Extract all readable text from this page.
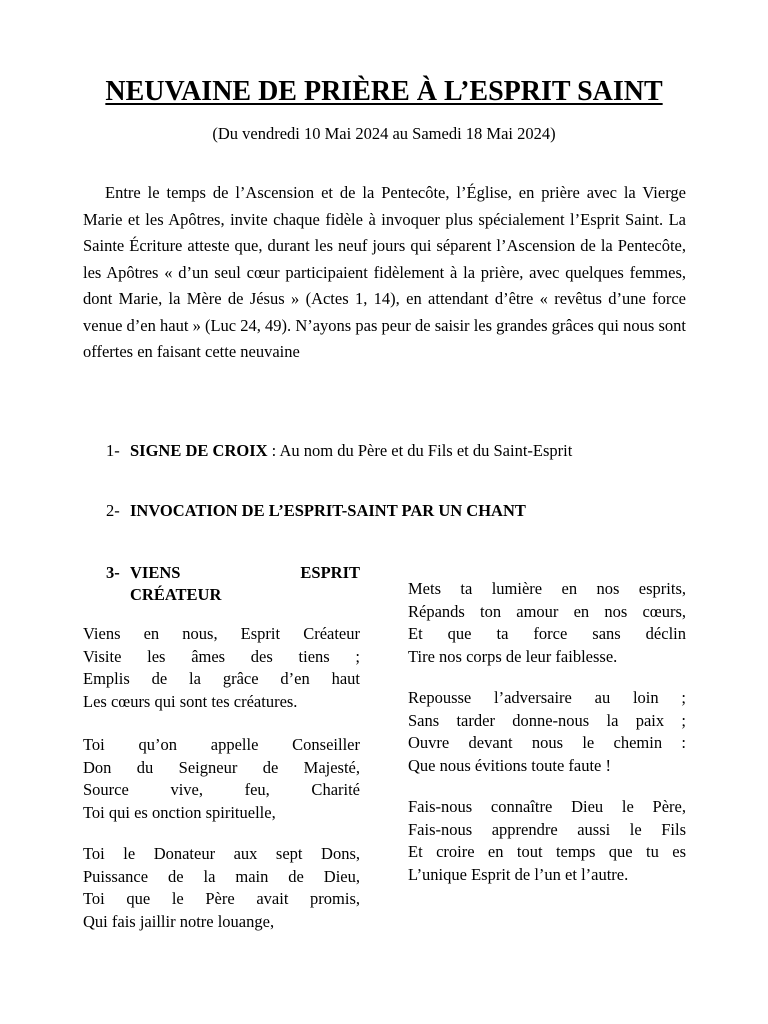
NEUVAINE DE PRIÈRE À L’ESPRIT SAINT

(Du vendredi 10 Mai 2024 au Samedi 18 Mai 2024)

Entre le temps de l’Ascension et de la Pentecôte, l’Église, en prière avec la Vierge Marie et les Apôtres, invite chaque fidèle à invoquer plus spécialement l’Esprit Saint. La Sainte Écriture atteste que, durant les neuf jours qui séparent l’Ascension de la Pentecôte, les Apôtres « d’un seul cœur participaient fidèlement à la prière, avec quelques femmes, dont Marie, la Mère de Jésus » (Actes 1, 14), en attendant d’être « revêtus d’une force venue d’en haut » (Luc 24, 49). N’ayons pas peur de saisir les grandes grâces qui nous sont offertes en faisant cette neuvaine

1- SIGNE DE CROIX : Au nom du Père et du Fils et du Saint-Esprit

2- INVOCATION DE L’ESPRIT-SAINT PAR UN CHANT

3- VIENS	ESPRIT
CRÉATEUR
Viens en nous, Esprit Créateur
Visite les âmes des tiens ;
Emplis de la grâce d’en haut
Les cœurs qui sont tes créatures.
Toi qu’on appelle Conseiller
Don du Seigneur de Majesté,
Source vive, feu, Charité
Toi qui es onction spirituelle,
Toi le Donateur aux sept Dons,
Puissance de la main de Dieu,
Toi que le Père avait promis,
Qui fais jaillir notre louange,
Mets ta lumière en nos esprits,
Répands ton amour en nos cœurs,
Et que ta force sans déclin
Tire nos corps de leur faiblesse.
Repousse l’adversaire au loin ;
Sans tarder donne-nous la paix ;
Ouvre devant nous le chemin :
Que nous évitions toute faute !
Fais-nous connaître Dieu le Père,
Fais-nous apprendre aussi le Fils
Et croire en tout temps que tu es
L’unique Esprit de l’un et l’autre.
